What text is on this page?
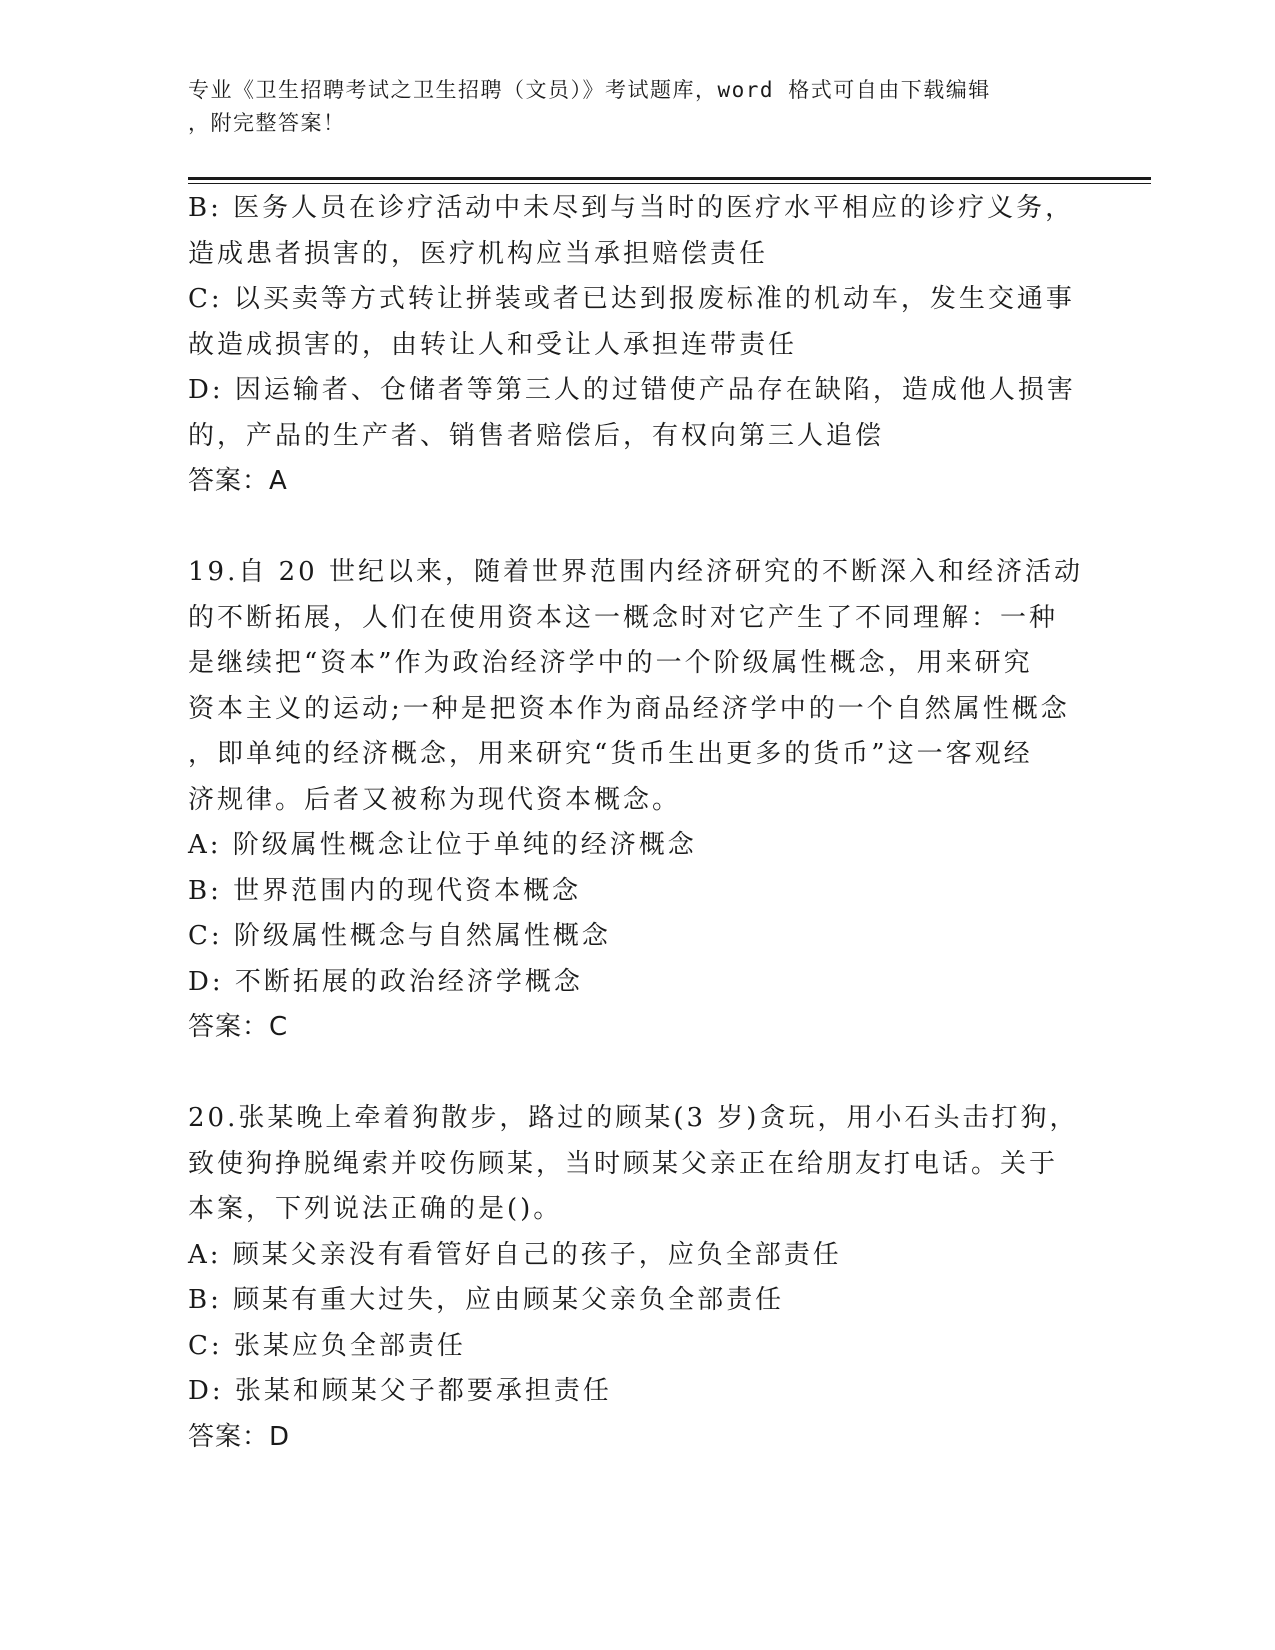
专业《卫生招聘考试之卫生招聘（文员）》考试题库，word 格式可自由下载编辑
，附完整答案！
B: 医务人员在诊疗活动中未尽到与当时的医疗水平相应的诊疗义务，
造成患者损害的，医疗机构应当承担赔偿责任
C: 以买卖等方式转让拼装或者已达到报废标准的机动车，发生交通事
故造成损害的，由转让人和受让人承担连带责任
D: 因运输者、仓储者等第三人的过错使产品存在缺陷，造成他人损害
的，产品的生产者、销售者赔偿后，有权向第三人追偿
答案：A
19.自 20 世纪以来，随着世界范围内经济研究的不断深入和经济活动
的不断拓展，人们在使用资本这一概念时对它产生了不同理解：一种
是继续把“资本”作为政治经济学中的一个阶级属性概念，用来研究
资本主义的运动;一种是把资本作为商品经济学中的一个自然属性概念
，即单纯的经济概念，用来研究“货币生出更多的货币”这一客观经
济规律。后者又被称为现代资本概念。
A: 阶级属性概念让位于单纯的经济概念
B: 世界范围内的现代资本概念
C: 阶级属性概念与自然属性概念
D: 不断拓展的政治经济学概念
答案：C
20.张某晚上牵着狗散步，路过的顾某(3 岁)贪玩，用小石头击打狗，
致使狗挣脱绳索并咬伤顾某，当时顾某父亲正在给朋友打电话。关于
本案，下列说法正确的是()。
A: 顾某父亲没有看管好自己的孩子，应负全部责任
B: 顾某有重大过失，应由顾某父亲负全部责任
C: 张某应负全部责任
D: 张某和顾某父子都要承担责任
答案：D
